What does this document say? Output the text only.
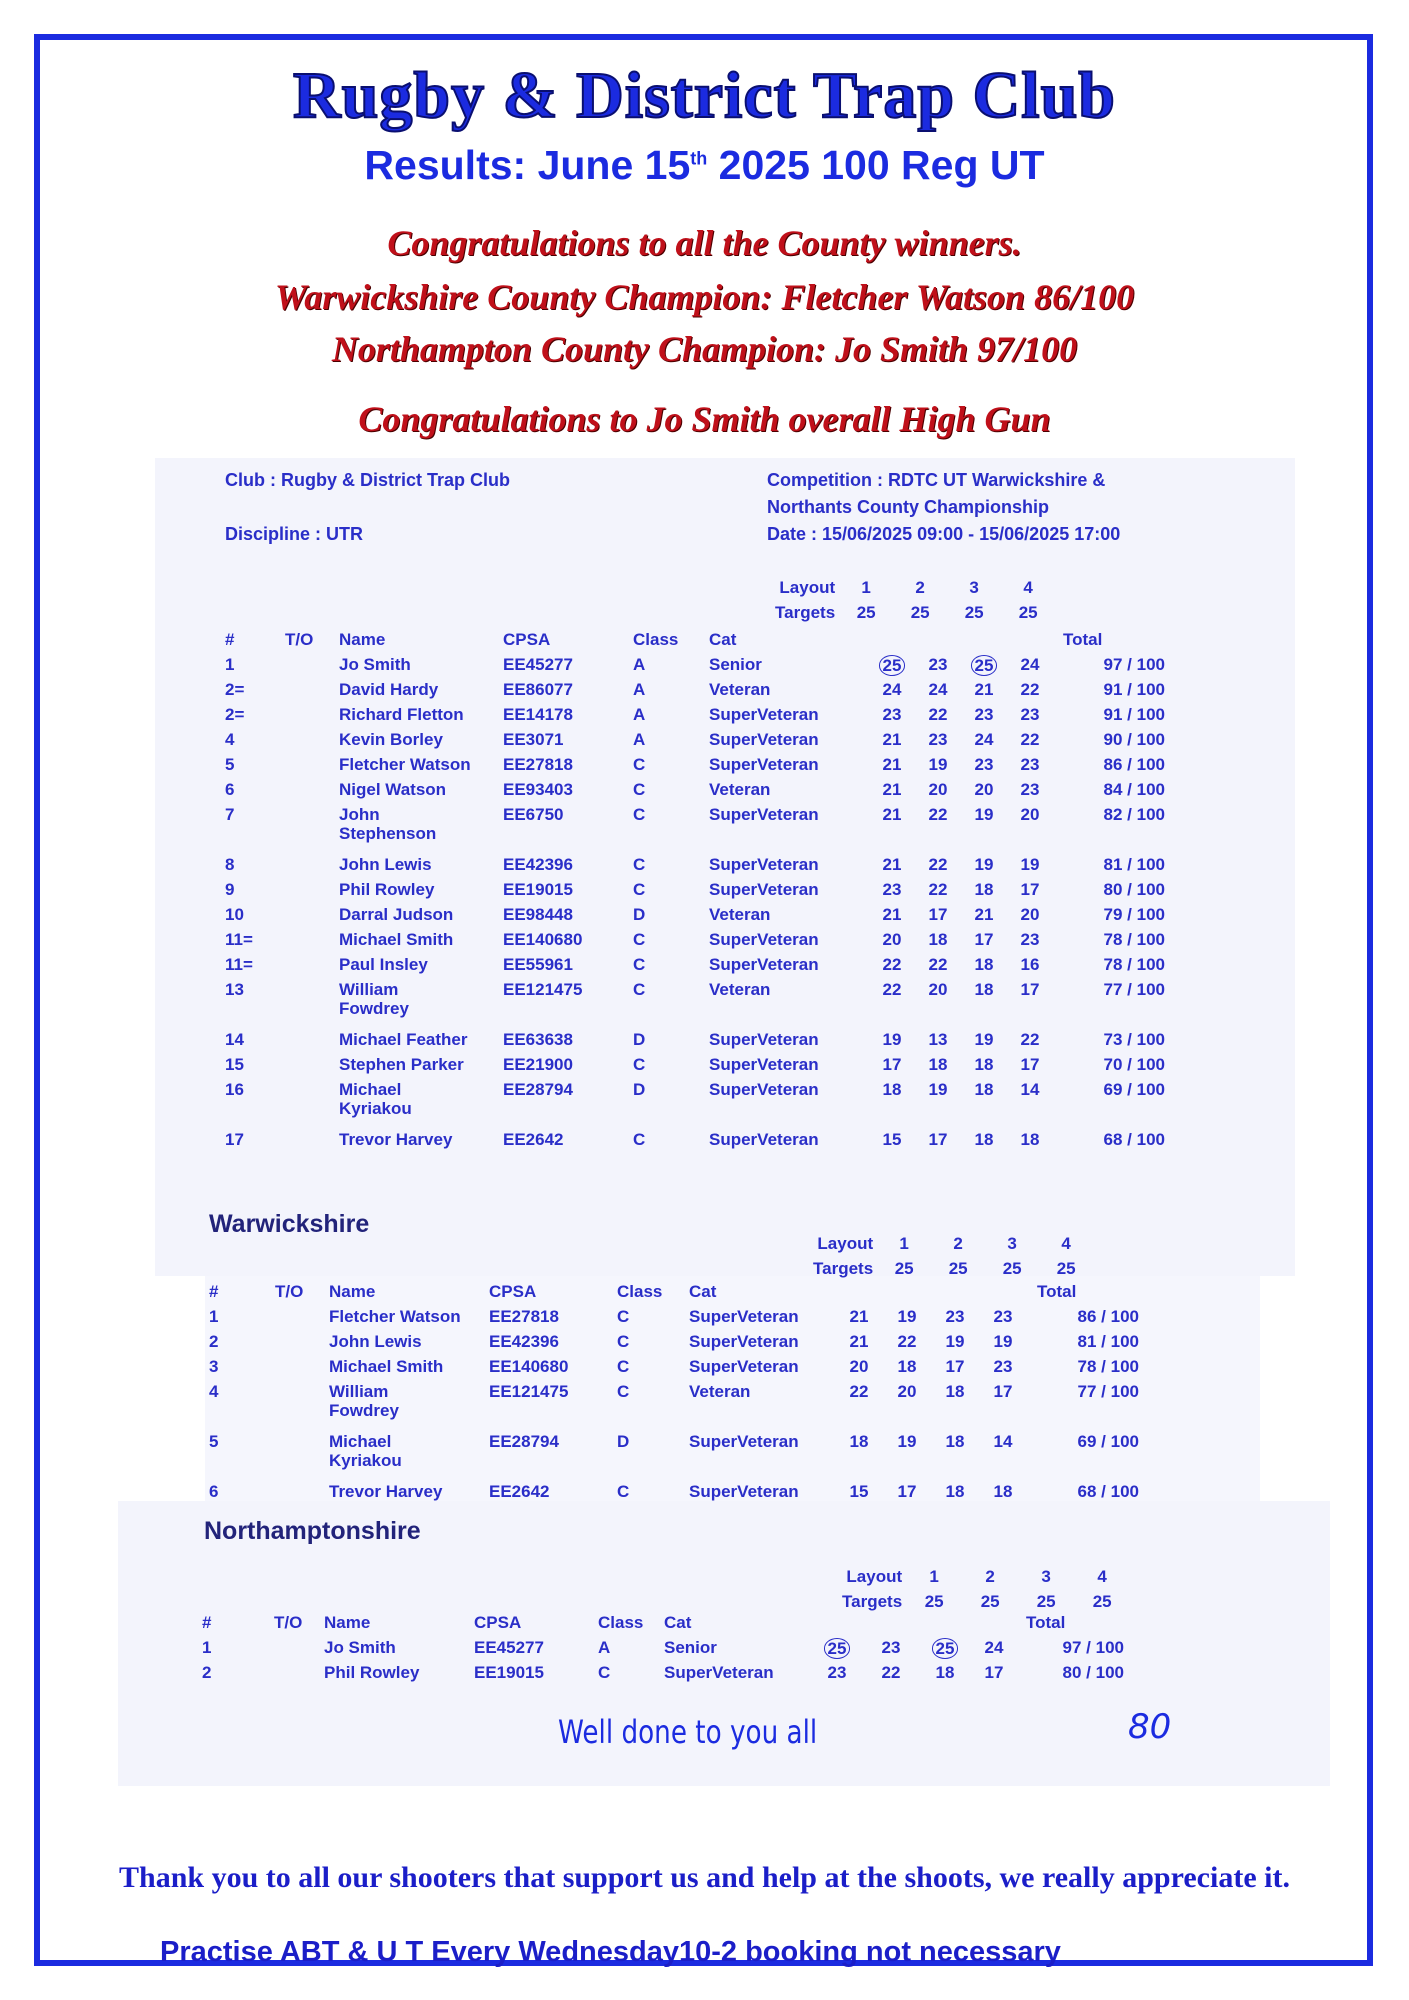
Rugby & District Trap Club

Results: June 15th 2025 100 Reg UT

Congratulations to all the County winners.

Warwickshire County Champion: Fletcher Watson 86/100

Northampton County Champion: Jo Smith 97/100

Congratulations to Jo Smith overall High Gun

Club : Rugby & District Trap Club
Discipline : UTR
Competition : RDTC UT Warwickshire &
Northants County Championship
Date : 15/06/2025 09:00 - 15/06/2025 17:00
Layout	1	2	3	4
Targets	25	25	25	25
#	T/O	Name	CPSA	Class	Cat					Total
1		Jo Smith	EE45277	A	Senior	25	23	25	24	97 / 100
2=		David Hardy	EE86077	A	Veteran	24	24	21	22	91 / 100
2=		Richard Fletton	EE14178	A	SuperVeteran	23	22	23	23	91 / 100
4		Kevin Borley	EE3071	A	SuperVeteran	21	23	24	22	90 / 100
5		Fletcher Watson	EE27818	C	SuperVeteran	21	19	23	23	86 / 100
6		Nigel Watson	EE93403	C	Veteran	21	20	20	23	84 / 100
7		John
Stephenson	EE6750	C	SuperVeteran	21	22	19	20	82 / 100
8		John Lewis	EE42396	C	SuperVeteran	21	22	19	19	81 / 100
9		Phil Rowley	EE19015	C	SuperVeteran	23	22	18	17	80 / 100
10		Darral Judson	EE98448	D	Veteran	21	17	21	20	79 / 100
11=		Michael Smith	EE140680	C	SuperVeteran	20	18	17	23	78 / 100
11=		Paul Insley	EE55961	C	SuperVeteran	22	22	18	16	78 / 100
13		William
Fowdrey	EE121475	C	Veteran	22	20	18	17	77 / 100
14		Michael Feather	EE63638	D	SuperVeteran	19	13	19	22	73 / 100
15		Stephen Parker	EE21900	C	SuperVeteran	17	18	18	17	70 / 100
16		Michael
Kyriakou	EE28794	D	SuperVeteran	18	19	18	14	69 / 100
17		Trevor Harvey	EE2642	C	SuperVeteran	15	17	18	18	68 / 100
Warwickshire
Layout	1	2	3	4
Targets	25	25	25	25
#	T/O	Name	CPSA	Class	Cat					Total
1		Fletcher Watson	EE27818	C	SuperVeteran	21	19	23	23	86 / 100
2		John Lewis	EE42396	C	SuperVeteran	21	22	19	19	81 / 100
3		Michael Smith	EE140680	C	SuperVeteran	20	18	17	23	78 / 100
4		William
Fowdrey	EE121475	C	Veteran	22	20	18	17	77 / 100
5		Michael
Kyriakou	EE28794	D	SuperVeteran	18	19	18	14	69 / 100
6		Trevor Harvey	EE2642	C	SuperVeteran	15	17	18	18	68 / 100
Northamptonshire
Layout	1	2	3	4
Targets	25	25	25	25
#	T/O	Name	CPSA	Class	Cat					Total
1		Jo Smith	EE45277	A	Senior	25	23	25	24	97 / 100
2		Phil Rowley	EE19015	C	SuperVeteran	23	22	18	17	80 / 100
Well done to you all	80

Thank you to all our shooters that support us and help at the shoots, we really appreciate it.

Practise ABT & U T Every Wednesday10-2 booking not necessary
